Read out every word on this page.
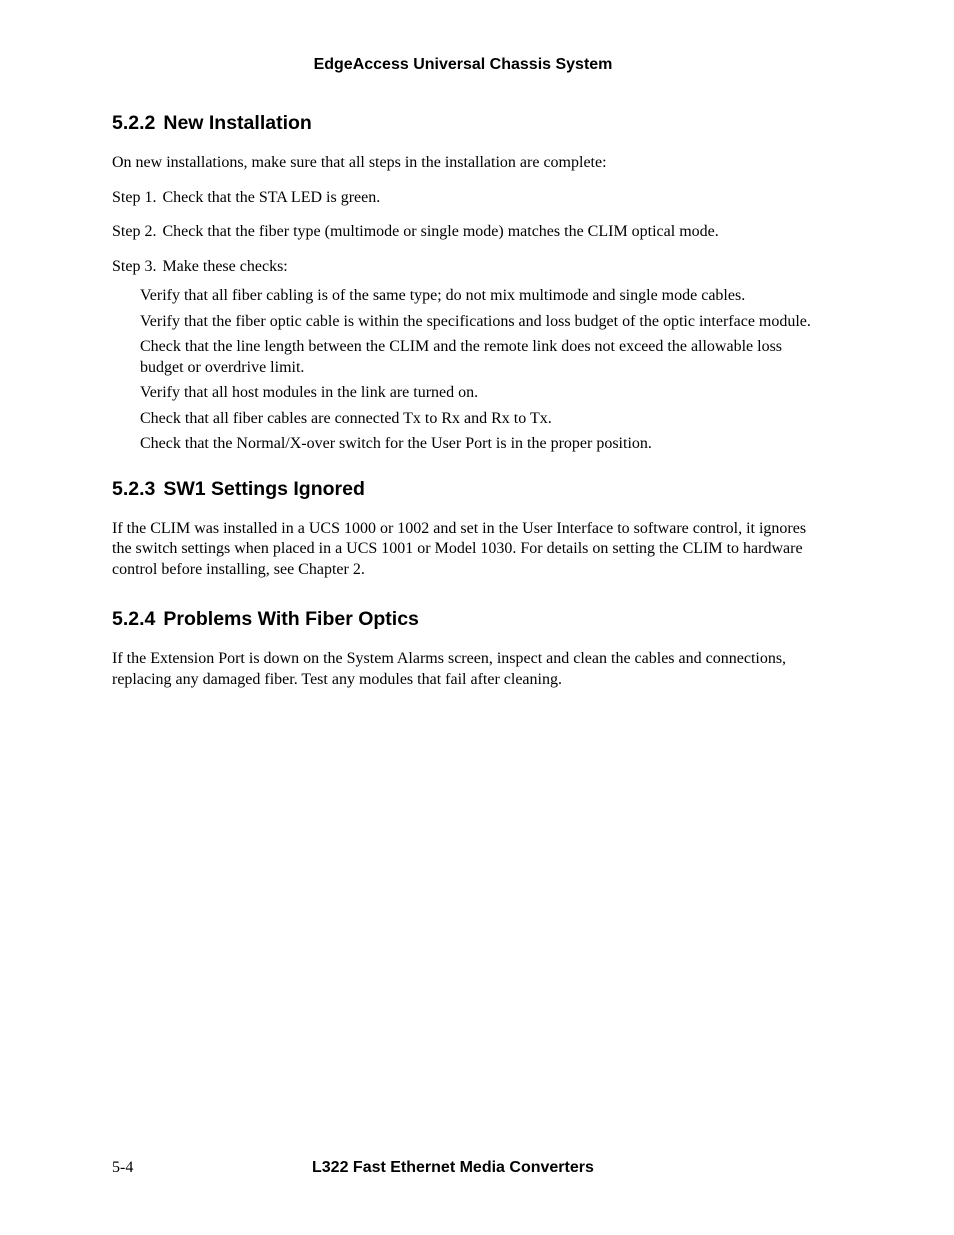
EdgeAccess Universal Chassis System
5.2.2 New Installation

On new installations, make sure that all steps in the installation are complete:

Step 1. Check that the STA LED is green.

Step 2. Check that the fiber type (multimode or single mode) matches the CLIM optical mode.

Step 3. Make these checks:

Verify that all fiber cabling is of the same type; do not mix multimode and single mode cables.

Verify that the fiber optic cable is within the specifications and loss budget of the optic interface module.

Check that the line length between the CLIM and the remote link does not exceed the allowable loss budget or overdrive limit.

Verify that all host modules in the link are turned on.

Check that all fiber cables are connected Tx to Rx and Rx to Tx.

Check that the Normal/X-over switch for the User Port is in the proper position.

5.2.3 SW1 Settings Ignored

If the CLIM was installed in a UCS 1000 or 1002 and set in the User Interface to software control, it ignores the switch settings when placed in a UCS 1001 or Model 1030. For details on setting the CLIM to hardware control before installing, see Chapter 2.

5.2.4 Problems With Fiber Optics

If the Extension Port is down on the System Alarms screen, inspect and clean the cables and connections, replacing any damaged fiber. Test any modules that fail after cleaning.

5-4	L322 Fast Ethernet Media Converters
